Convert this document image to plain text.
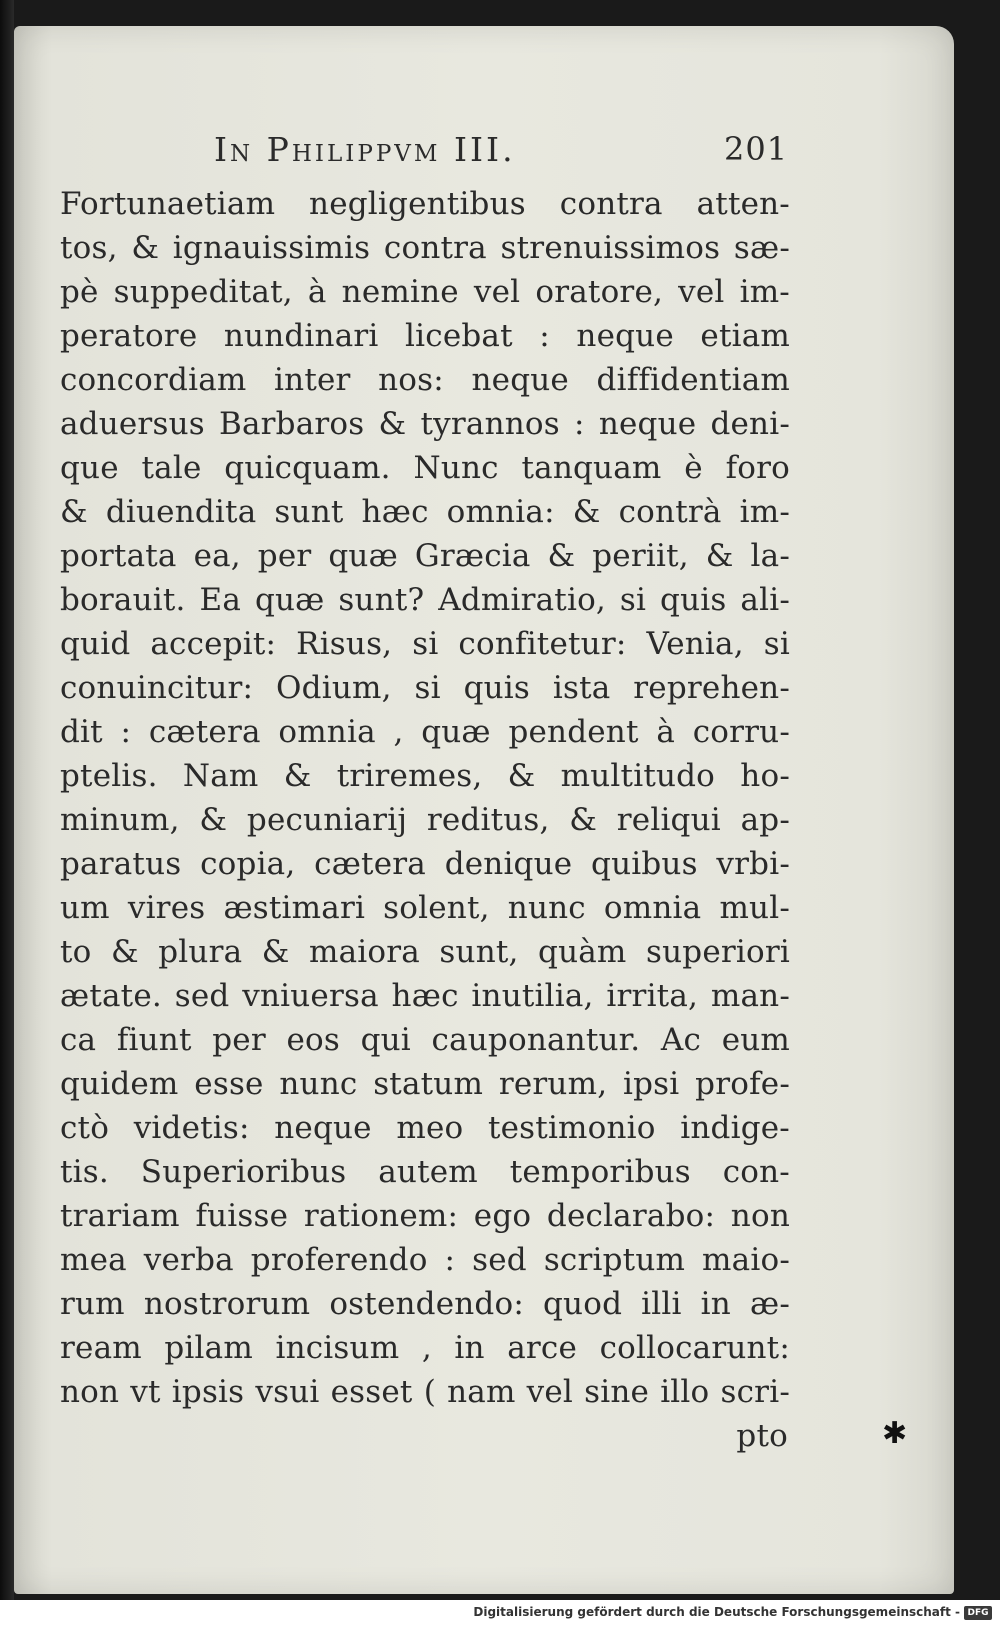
In Philippvm III.	201
Fortunaetiam negligentibus contra atten-
tos, & ignauissimis contra strenuissimos sæ-
pè suppeditat, à nemine vel oratore, vel im-
peratore nundinari licebat : neque etiam
concordiam inter nos: neque diffidentiam
aduersus Barbaros & tyrannos : neque deni-
que tale quicquam. Nunc tanquam è foro
& diuendita sunt hæc omnia: & contrà im-
portata ea, per quæ Græcia & periit, & la-
borauit. Ea quæ sunt? Admiratio, si quis ali-
quid accepit: Risus, si confitetur: Venia, si
conuincitur: Odium, si quis ista reprehen-
dit : cætera omnia , quæ pendent à corru-
ptelis. Nam & triremes, & multitudo ho-
minum, & pecuniarij reditus, & reliqui ap-
paratus copia, cætera denique quibus vrbi-
um vires æstimari solent, nunc omnia mul-
to & plura & maiora sunt, quàm superiori
ætate. sed vniuersa hæc inutilia, irrita, man-
ca fiunt per eos qui cauponantur. Ac eum
quidem esse nunc statum rerum, ipsi profe-
ctò videtis: neque meo testimonio indige-
tis. Superioribus autem temporibus con-
trariam fuisse rationem: ego declarabo: non
mea verba proferendo : sed scriptum maio-
rum nostrorum ostendendo: quod illi in æ-
ream pilam incisum , in arce collocarunt:
non vt ipsis vsui esset ( nam vel sine illo scri-
pto	✱
Digitalisierung gefördert durch die Deutsche Forschungsgemeinschaft - DFG
